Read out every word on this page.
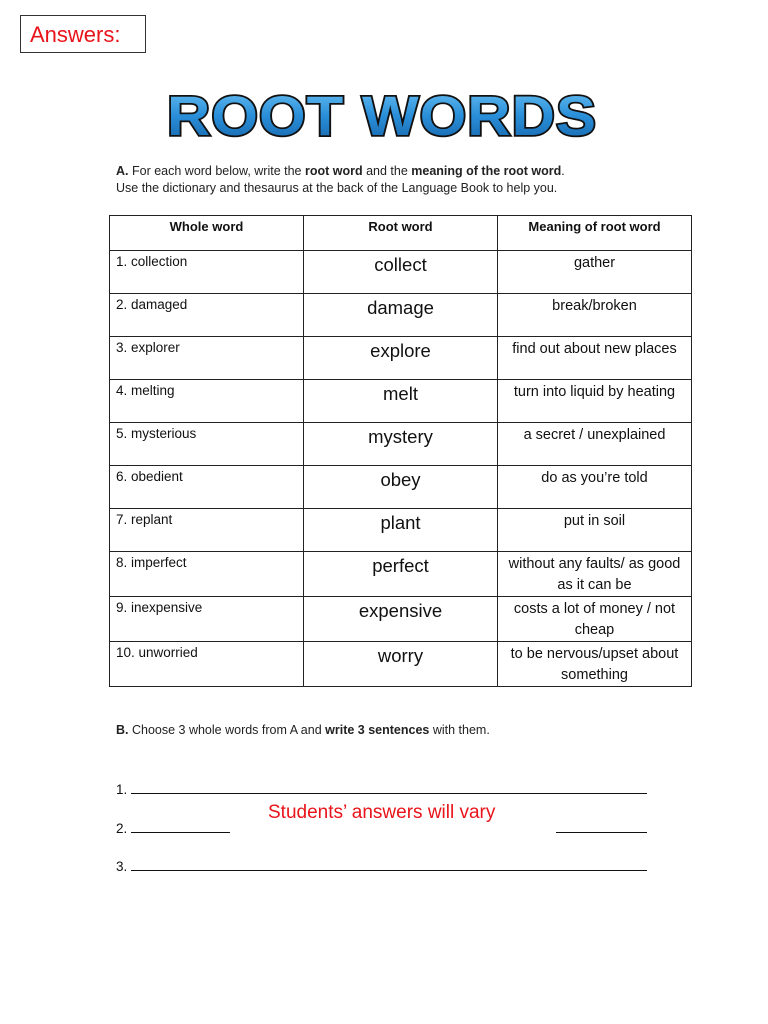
Answers:
ROOT WORDS
A. For each word below, write the root word and the meaning of the root word.
Use the dictionary and thesaurus at the back of the Language Book to help you.
Whole word	Root word	Meaning of root word
1. collection	collect	gather
2. damaged	damage	break/broken
3. explorer	explore	find out about new places
4. melting	melt	turn into liquid by heating
5. mysterious	mystery	a secret / unexplained
6. obedient	obey	do as you’re told
7. replant	plant	put in soil
8. imperfect	perfect	without any faults/ as good as it can be
9. inexpensive	expensive	costs a lot of money / not cheap
10. unworried	worry	to be nervous/upset about something
B. Choose 3 whole words from A and write 3 sentences with them.
1.
2.
3.
Students’ answers will vary
